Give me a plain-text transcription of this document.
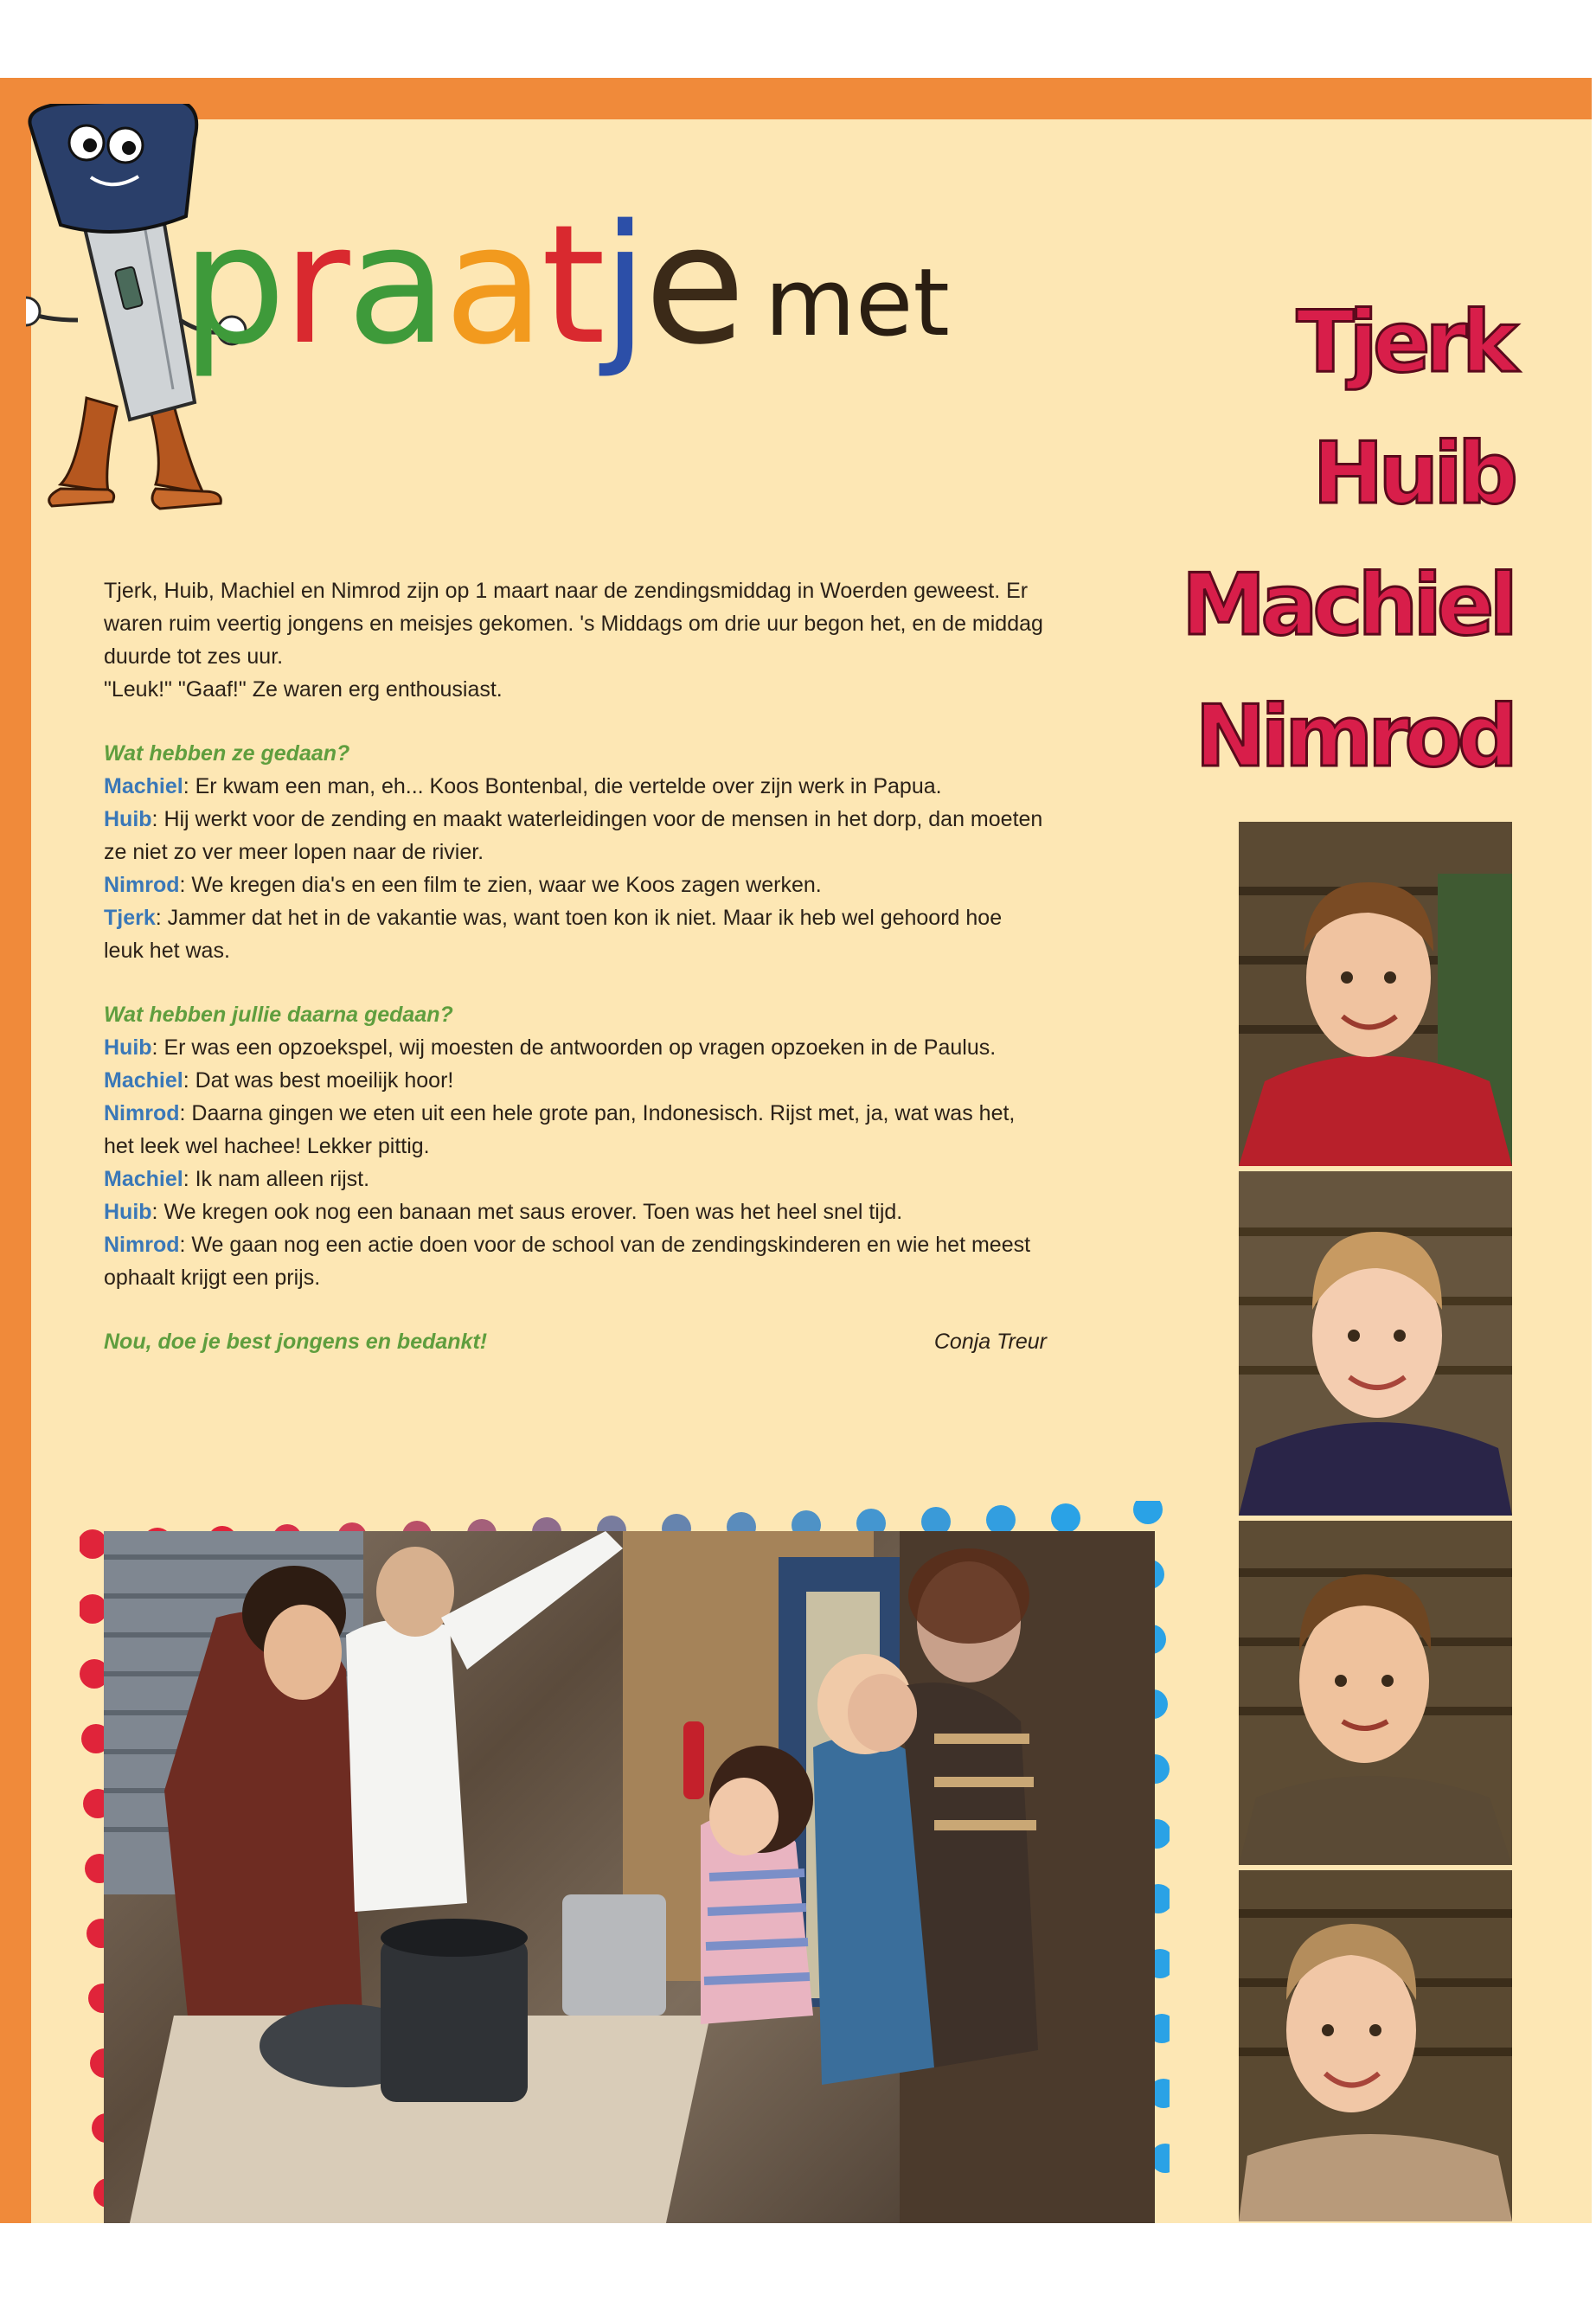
praatje met	Tjerk
Huib
Machiel
Nimrod

Tjerk, Huib, Machiel en Nimrod zijn op 1 maart naar de zendingsmiddag in Woerden geweest. Er waren ruim veertig jongens en meisjes gekomen. 's Middags om drie uur begon het, en de middag duurde tot zes uur.

"Leuk!" "Gaaf!" Ze waren erg enthousiast.

Wat hebben ze gedaan?

Machiel: Er kwam een man, eh... Koos Bontenbal, die vertelde over zijn werk in Papua.

Huib: Hij werkt voor de zending en maakt waterleidingen voor de mensen in het dorp, dan moeten ze niet zo ver meer lopen naar de rivier.

Nimrod: We kregen dia's en een film te zien, waar we Koos zagen werken.

Tjerk: Jammer dat het in de vakantie was, want toen kon ik niet. Maar ik heb wel gehoord hoe leuk het was.

Wat hebben jullie daarna gedaan?

Huib: Er was een opzoekspel, wij moesten de antwoorden op vragen opzoeken in de Paulus.

Machiel: Dat was best moeilijk hoor!

Nimrod: Daarna gingen we eten uit een hele grote pan, Indonesisch. Rijst met, ja, wat was het, het leek wel hachee! Lekker pittig.

Machiel: Ik nam alleen rijst.

Huib: We kregen ook nog een banaan met saus erover. Toen was het heel snel tijd.

Nimrod: We gaan nog een actie doen voor de school van de zendingskinderen en wie het meest ophaalt krijgt een prijs.

Nou, doe je best jongens en bedankt!	Conja Treur
